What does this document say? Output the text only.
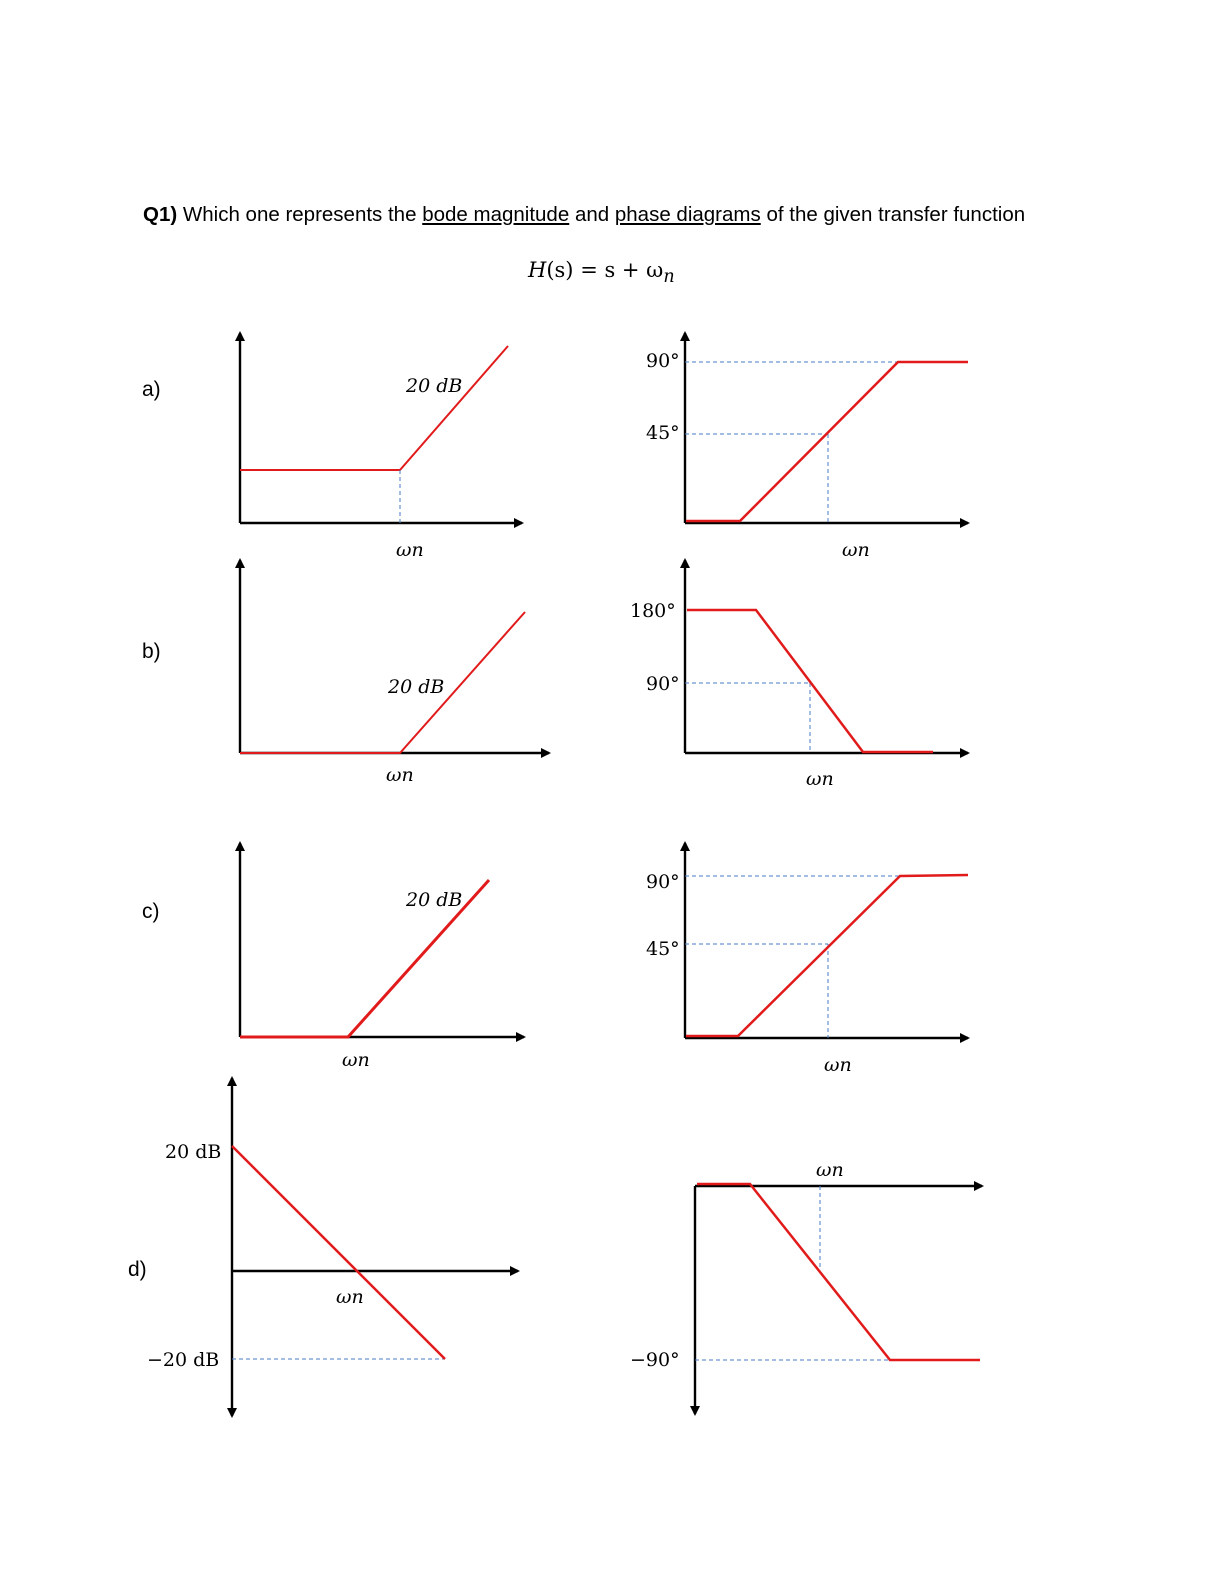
Q1) Which one represents the bode magnitude and phase diagrams of the given transfer function
$H(s) = s + \omega_n$
a)
b)
c)
d)
20 dB
ωn
90°
45°
ωn
20 dB
ωn
180°
90°
ωn
20 dB
ωn
90°
45°
ωn
20 dB
−20 dB
ωn
−90°
ωn
